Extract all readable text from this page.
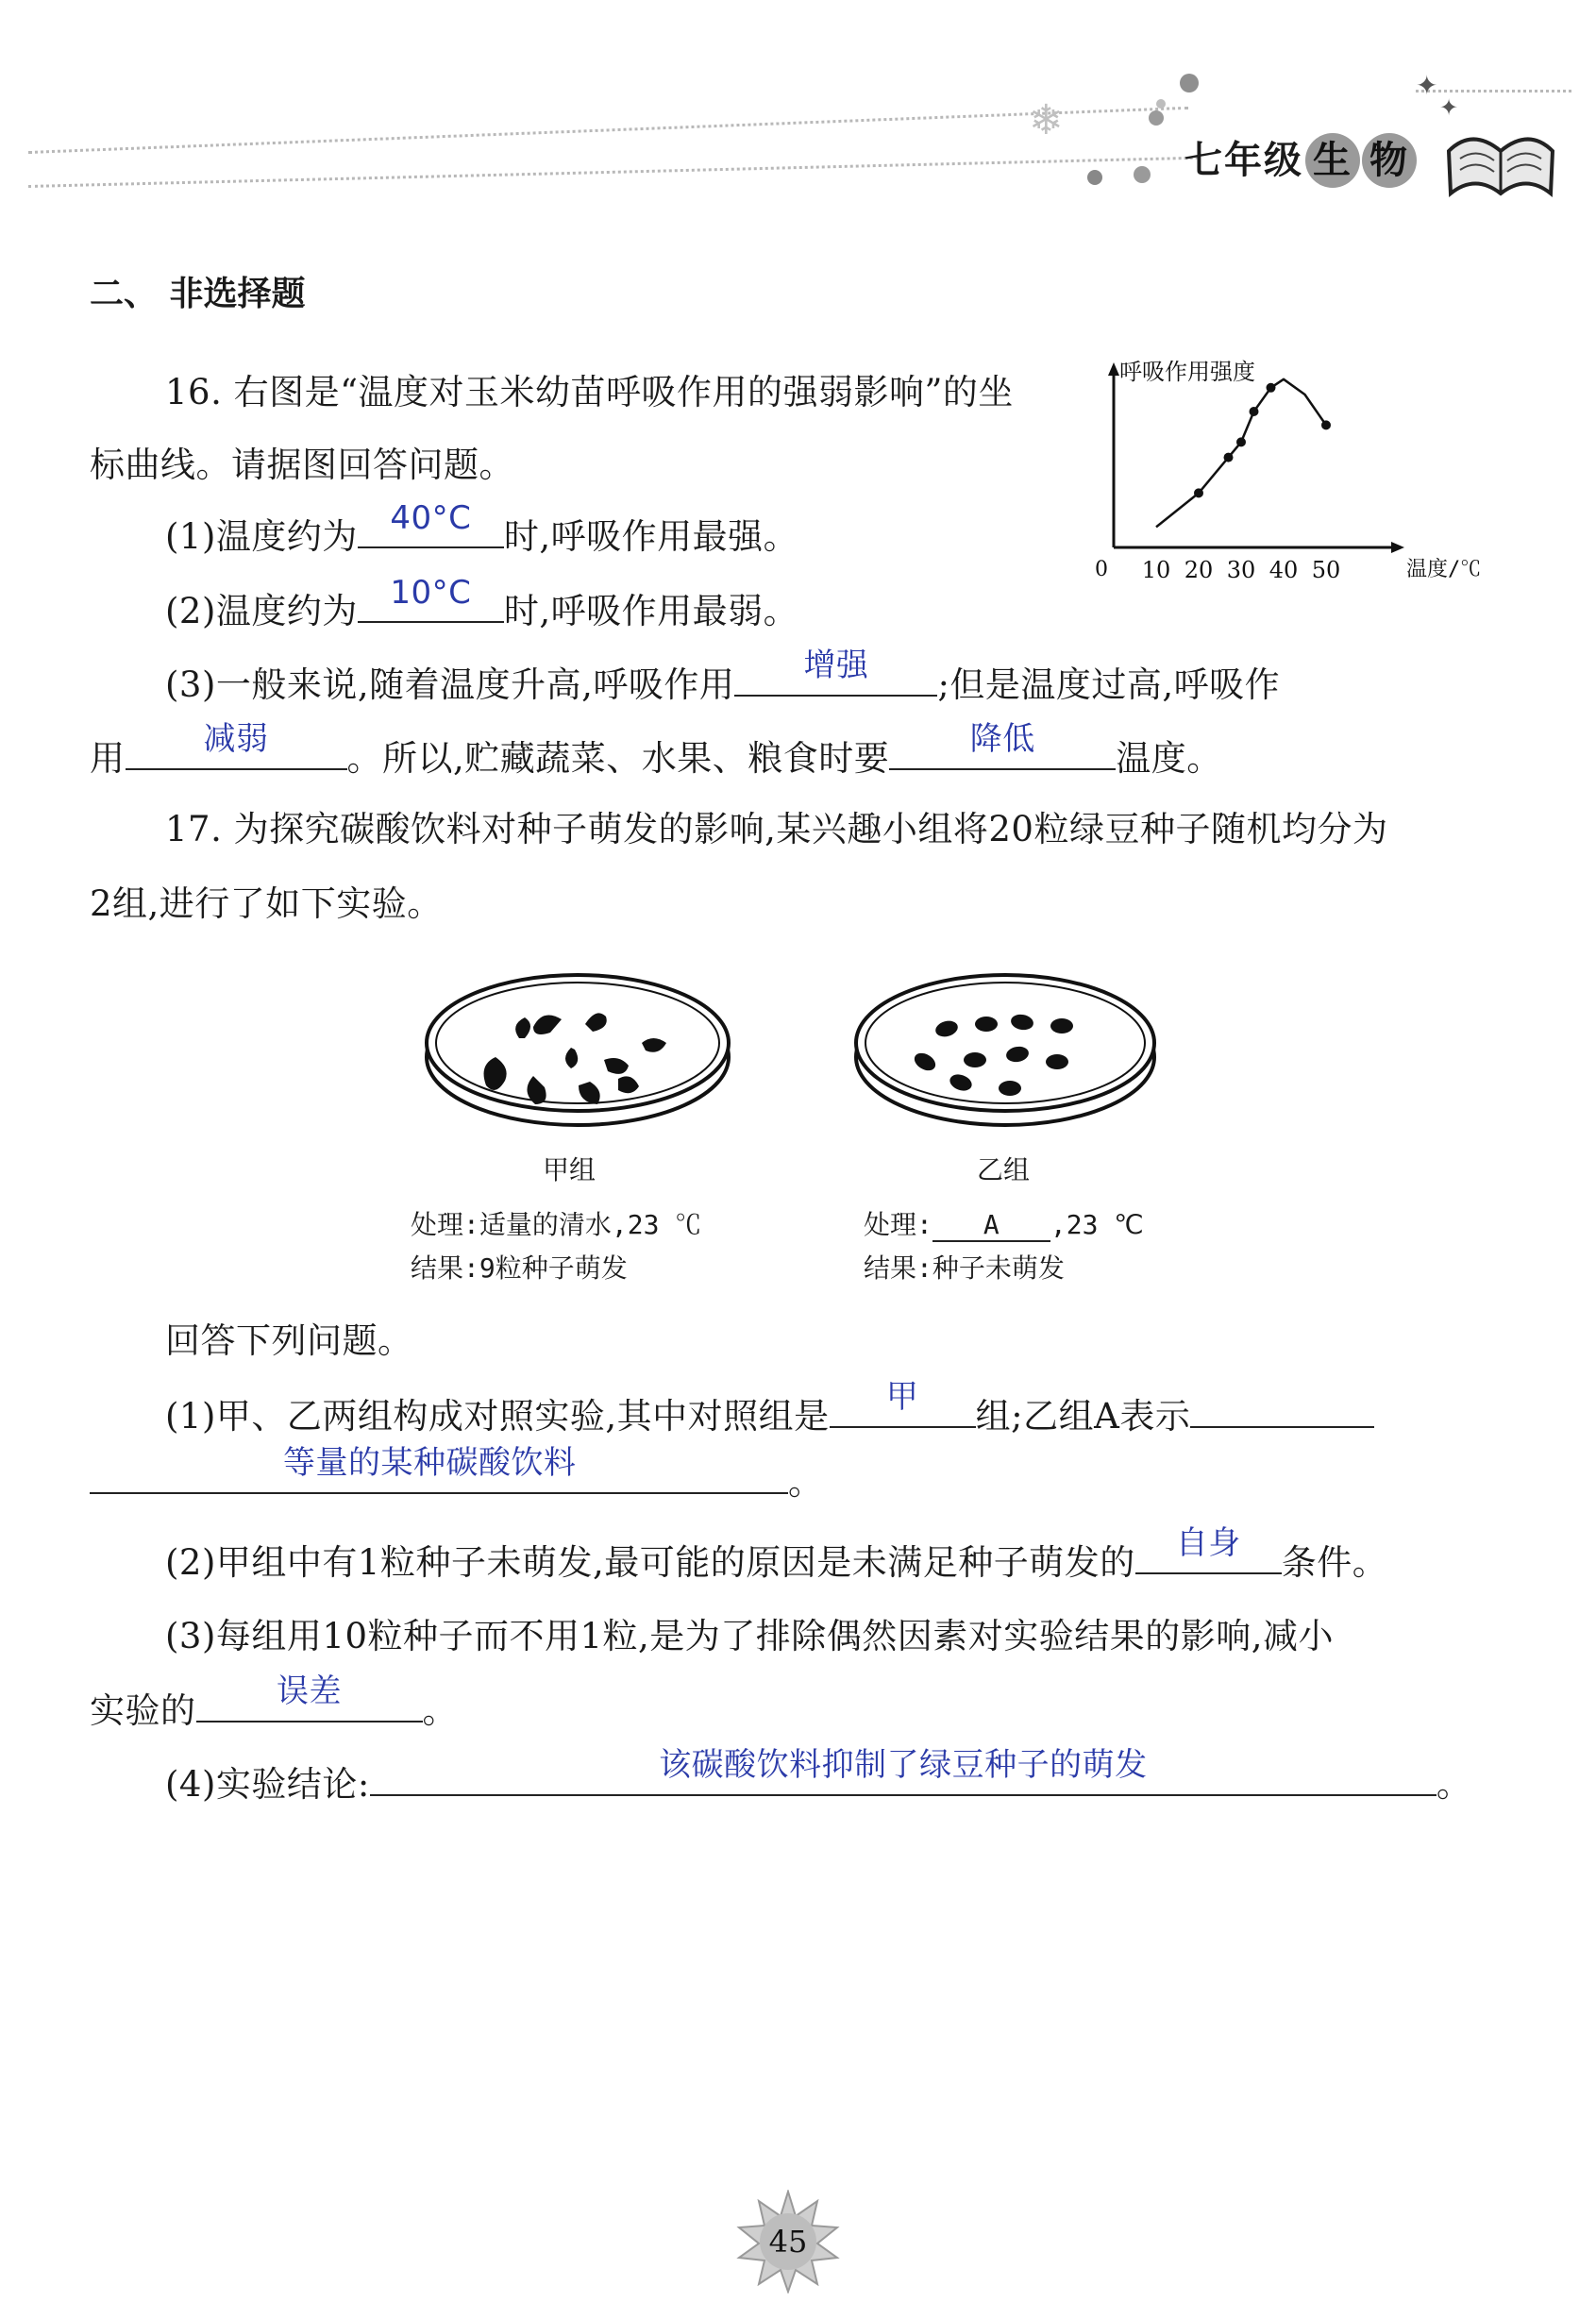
❄
✦
✦
七年级 生 物
二、 非选择题
16. 右图是“温度对玉米幼苗呼吸作用的强弱影响”的坐
标曲线。请据图回答问题。
(1)温度约为	40°C 时,呼吸作用最强。
(2)温度约为	10°C 时,呼吸作用最弱。
(3)一般来说,随着温度升高,呼吸作用	增强	;但是温度过高,呼吸作
用	减弱	。所以,贮藏蔬菜、水果、粮食时要	降低	温度。
呼吸作用强度
温度/℃
0 10 20 30 40 50
17. 为探究碳酸饮料对种子萌发的影响,某兴趣小组将20粒绿豆种子随机均分为
2组,进行了如下实验。
甲组	乙组
处理:适量的清水,23 ℃
结果:9粒种子萌发
处理: A ,23 ℃
结果:种子未萌发
回答下列问题。
(1)甲、乙两组构成对照实验,其中对照组是	甲	组;乙组A表示
等量的某种碳酸饮料	。
(2)甲组中有1粒种子未萌发,最可能的原因是未满足种子萌发的	自身	条件。
(3)每组用10粒种子而不用1粒,是为了排除偶然因素对实验结果的影响,减小
实验的	误差	。
(4)实验结论:	该碳酸饮料抑制了绿豆种子的萌发	。
45
